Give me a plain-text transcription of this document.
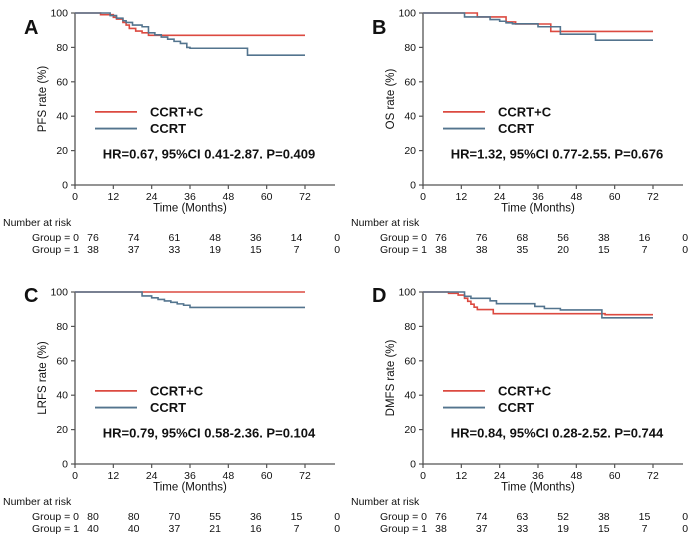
A
0
20
40
60
80
100
0	12	24	36	48	60	72
Time (Months)
PFS rate (%)	CCRT+C
CCRT
HR=0.67, 95%CI 0.41-2.87. P=0.409
Number at risk
Group = 0 76	74	61	48	36	14	0
Group = 1 38	37	33	19	15	7	0
B
0
20
40
60
80
100
0	12	24	36	48	60	72
Time (Months)
OS rate (%)	CCRT+C
CCRT
HR=1.32, 95%CI 0.77-2.55. P=0.676
Number at risk
Group = 0 76	76	68	56	38	16	0
Group = 1 38	38	35	20	15	7	0
C
0
20
40
60
80
100
0	12	24	36	48	60	72
Time (Months)
LRFS rate (%)	CCRT+C
CCRT
HR=0.79, 95%CI 0.58-2.36. P=0.104
Number at risk
Group = 0 80	80	70	55	36	15	0
Group = 1 40	40	37	21	16	7	0
D
0
20
40
60
80
100
0	12	24	36	48	60	72
Time (Months)
DMFS rate (%)	CCRT+C
CCRT
HR=0.84, 95%CI 0.28-2.52. P=0.744
Number at risk
Group = 0 76	74	63	52	38	15	0
Group = 1 38	37	33	19	15	7	0
